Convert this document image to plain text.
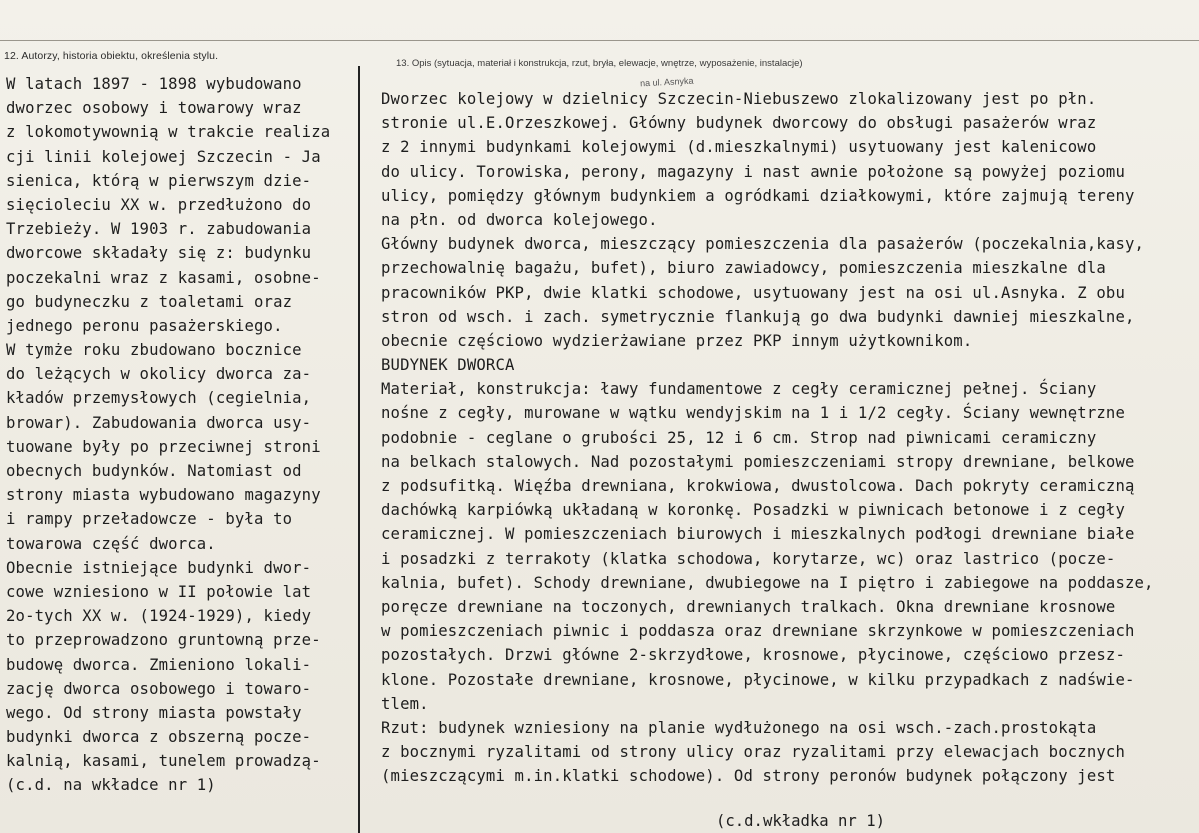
12. Autorzy, historia obiektu, określenia stylu.
13. Opis (sytuacja, materiał i konstrukcja, rzut, bryła, elewacje, wnętrze, wyposażenie, instalacje)
na ul. Asnyka
W latach 1897 - 1898 wybudowano
dworzec osobowy i towarowy wraz
z lokomotywownią w trakcie realiza
cji linii kolejowej Szczecin - Ja
sienica, którą w pierwszym dzie-
sięcioleciu XX w. przedłużono do
Trzebieży. W 1903 r. zabudowania
dworcowe składały się z: budynku
poczekalni wraz z kasami, osobne-
go budyneczku z toaletami oraz
jednego peronu pasażerskiego.
W tymże roku zbudowano bocznice
do leżących w okolicy dworca za-
kładów przemysłowych (cegielnia,
browar). Zabudowania dworca usy-
tuowane były po przeciwnej stroni
obecnych budynków. Natomiast od
strony miasta wybudowano magazyny
i rampy przeładowcze - była to
towarowa część dworca.
Obecnie istniejące budynki dwor-
cowe wzniesiono w II połowie lat
2o-tych XX w. (1924-1929), kiedy
to przeprowadzono gruntowną prze-
budowę dworca. Zmieniono lokali-
zację dworca osobowego i towaro-
wego. Od strony miasta powstały
budynki dworca z obszerną pocze-
kalnią, kasami, tunelem prowadzą-
(c.d. na wkładce nr 1)
Dworzec kolejowy w dzielnicy Szczecin-Niebuszewo zlokalizowany jest po płn.
stronie ul.E.Orzeszkowej. Główny budynek dworcowy do obsługi pasażerów wraz
z 2 innymi budynkami kolejowymi (d.mieszkalnymi) usytuowany jest kalenicowo
do ulicy. Torowiska, perony, magazyny i nast awnie położone są powyżej poziomu
ulicy, pomiędzy głównym budynkiem a ogródkami działkowymi, które zajmują tereny
na płn. od dworca kolejowego.
Główny budynek dworca, mieszczący pomieszczenia dla pasażerów (poczekalnia,kasy,
przechowalnię bagażu, bufet), biuro zawiadowcy, pomieszczenia mieszkalne dla
pracowników PKP, dwie klatki schodowe, usytuowany jest na osi ul.Asnyka. Z obu
stron od wsch. i zach. symetrycznie flankują go dwa budynki dawniej mieszkalne,
obecnie częściowo wydzierżawiane przez PKP innym użytkownikom.
BUDYNEK DWORCA
Materiał, konstrukcja: ławy fundamentowe z cegły ceramicznej pełnej. Ściany
nośne z cegły, murowane w wątku wendyjskim na 1 i 1/2 cegły. Ściany wewnętrzne
podobnie - ceglane o grubości 25, 12 i 6 cm. Strop nad piwnicami ceramiczny
na belkach stalowych. Nad pozostałymi pomieszczeniami stropy drewniane, belkowe
z podsufitką. Więźba drewniana, krokwiowa, dwustolcowa. Dach pokryty ceramiczną
dachówką karpiówką układaną w koronkę. Posadzki w piwnicach betonowe i z cegły
ceramicznej. W pomieszczeniach biurowych i mieszkalnych podłogi drewniane białe
i posadzki z terrakoty (klatka schodowa, korytarze, wc) oraz lastrico (pocze-
kalnia, bufet). Schody drewniane, dwubiegowe na I piętro i zabiegowe na poddasze,
poręcze drewniane na toczonych, drewnianych tralkach. Okna drewniane krosnowe
w pomieszczeniach piwnic i poddasza oraz drewniane skrzynkowe w pomieszczeniach
pozostałych. Drzwi główne 2-skrzydłowe, krosnowe, płycinowe, częściowo przesz-
klone. Pozostałe drewniane, krosnowe, płycinowe, w kilku przypadkach z nadświe-
tlem.
Rzut: budynek wzniesiony na planie wydłużonego na osi wsch.-zach.prostokąta
z bocznymi ryzalitami od strony ulicy oraz ryzalitami przy elewacjach bocznych
(mieszczącymi m.in.klatki schodowe). Od strony peronów budynek połączony jest
(c.d.wkładka nr 1)
